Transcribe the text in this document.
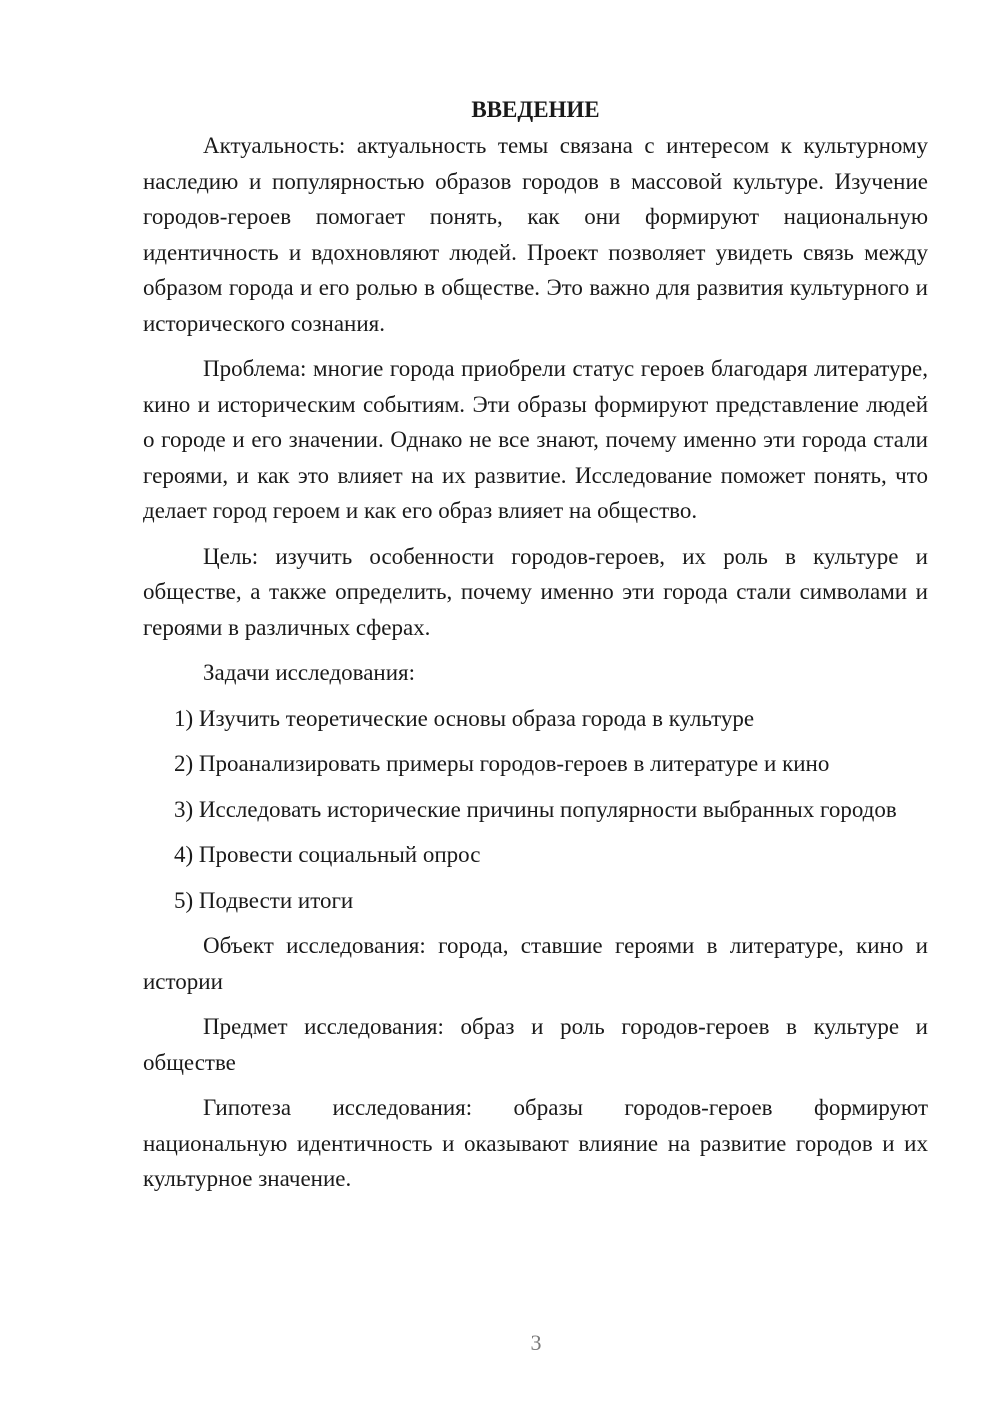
ВВЕДЕНИЕ

Актуальность: актуальность темы связана с интересом к культурному наследию и популярностью образов городов в массовой культуре. Изучение городов-героев помогает понять, как они формируют национальную идентичность и вдохновляют людей. Проект позволяет увидеть связь между образом города и его ролью в обществе. Это важно для развития культурного и исторического сознания.

Проблема: многие города приобрели статус героев благодаря литературе, кино и историческим событиям. Эти образы формируют представление людей о городе и его значении. Однако не все знают, почему именно эти города стали героями, и как это влияет на их развитие. Исследование поможет понять, что делает город героем и как его образ влияет на общество.

Цель: изучить особенности городов-героев, их роль в культуре и обществе, а также определить, почему именно эти города стали символами и героями в различных сферах.

Задачи исследования:

1) Изучить теоретические основы образа города в культуре

2) Проанализировать примеры городов-героев в литературе и кино

3) Исследовать исторические причины популярности выбранных городов

4) Провести социальный опрос

5) Подвести итоги

Объект исследования: города, ставшие героями в литературе, кино и истории

Предмет исследования: образ и роль городов-героев в культуре и обществе

Гипотеза исследования: образы городов-героев формируют национальную идентичность и оказывают влияние на развитие городов и их культурное значение.

3
